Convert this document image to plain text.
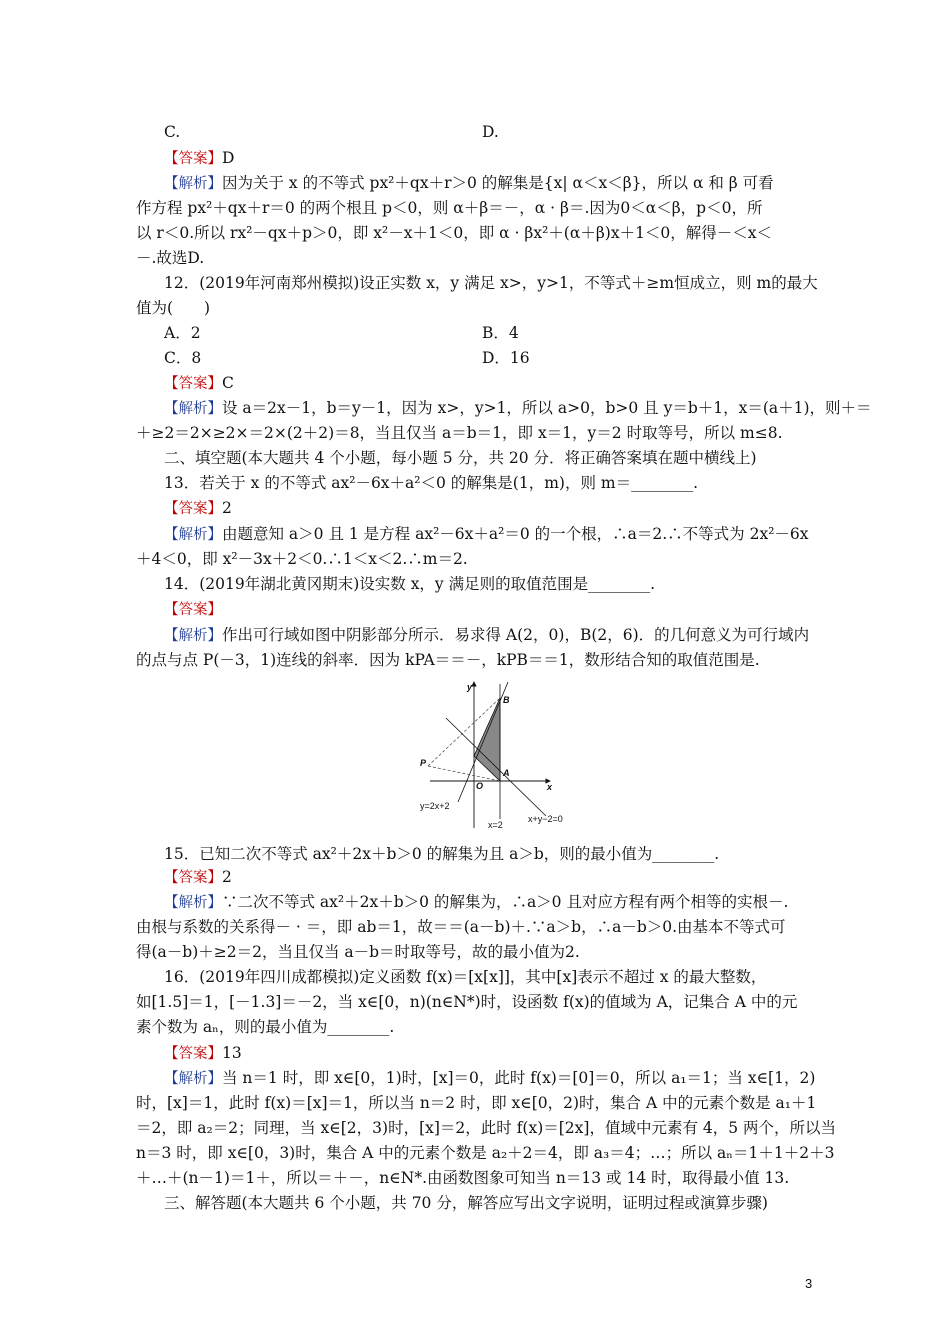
C.	D.
【答案】D
【解析】因为关于 x 的不等式 px²＋qx＋r＞0 的解集是{x| α＜x＜β}，所以 α 和 β 可看
作方程 px²＋qx＋r＝0 的两个根且 p＜0，则 α＋β＝－，α · β＝.因为0＜α＜β，p＜0，所
以 r＜0.所以 rx²－qx＋p＞0，即 x²－x＋1＜0，即 α · βx²＋(α＋β)x＋1＜0，解得－＜x＜
－.故选D.
12．(2019年河南郑州模拟)设正实数 x，y 满足 x>，y>1，不等式＋≥m恒成立，则 m的最大
值为(　　)
A．2	B．4
C．8	D．16
【答案】C
【解析】设 a＝2x－1，b＝y－1，因为 x>，y>1，所以 a>0，b>0 且 y＝b＋1，x＝(a＋1)，则＋＝
＋≥2＝2×≥2×＝2×(2＋2)＝8，当且仅当 a＝b＝1，即 x＝1，y＝2 时取等号，所以 m≤8.
二、填空题(本大题共 4 个小题，每小题 5 分，共 20 分．将正确答案填在题中横线上)
13．若关于 x 的不等式 ax²－6x＋a²＜0 的解集是(1，m)，则 m＝________.
【答案】2
【解析】由题意知 a＞0 且 1 是方程 ax²－6x＋a²＝0 的一个根，∴a＝2.∴不等式为 2x²－6x
＋4＜0，即 x²－3x＋2＜0.∴1＜x＜2.∴m＝2.
14．(2019年湖北黄冈期末)设实数 x，y 满足则的取值范围是________.
【答案】
【解析】作出可行域如图中阴影部分所示．易求得 A(2，0)，B(2，6)．的几何意义为可行域内
的点与点 P(－3，1)连线的斜率．因为 kPA＝＝－，kPB＝＝1，数形结合知的取值范围是.
y
x
B
A
P
O
y=2x+2
x=2
x+y−2=0
15．已知二次不等式 ax²＋2x＋b＞0 的解集为且 a＞b，则的最小值为________.
【答案】2
【解析】∵二次不等式 ax²＋2x＋b＞0 的解集为，∴a＞0 且对应方程有两个相等的实根－.
由根与系数的关系得－ · ＝，即 ab＝1，故＝＝(a－b)＋.∵a＞b，∴a－b＞0.由基本不等式可
得(a－b)＋≥2＝2，当且仅当 a－b＝时取等号，故的最小值为2.
16．(2019年四川成都模拟)定义函数 f(x)＝[x[x]]，其中[x]表示不超过 x 的最大整数，
如[1.5]＝1，[－1.3]＝－2，当 x∈[0，n)(n∈N*)时，设函数 f(x)的值域为 A，记集合 A 中的元
素个数为 aₙ，则的最小值为________.
【答案】13
【解析】当 n＝1 时，即 x∈[0，1)时，[x]＝0，此时 f(x)＝[0]＝0，所以 a₁＝1；当 x∈[1，2)
时，[x]＝1，此时 f(x)＝[x]＝1，所以当 n＝2 时，即 x∈[0，2)时，集合 A 中的元素个数是 a₁＋1
＝2，即 a₂＝2；同理，当 x∈[2，3)时，[x]＝2，此时 f(x)＝[2x]，值域中元素有 4，5 两个，所以当
n＝3 时，即 x∈[0，3)时，集合 A 中的元素个数是 a₂＋2＝4，即 a₃＝4；…；所以 aₙ＝1＋1＋2＋3
＋…＋(n－1)＝1＋，所以＝＋－，n∈N*.由函数图象可知当 n＝13 或 14 时，取得最小值 13.
三、解答题(本大题共 6 个小题，共 70 分，解答应写出文字说明，证明过程或演算步骤)
3
